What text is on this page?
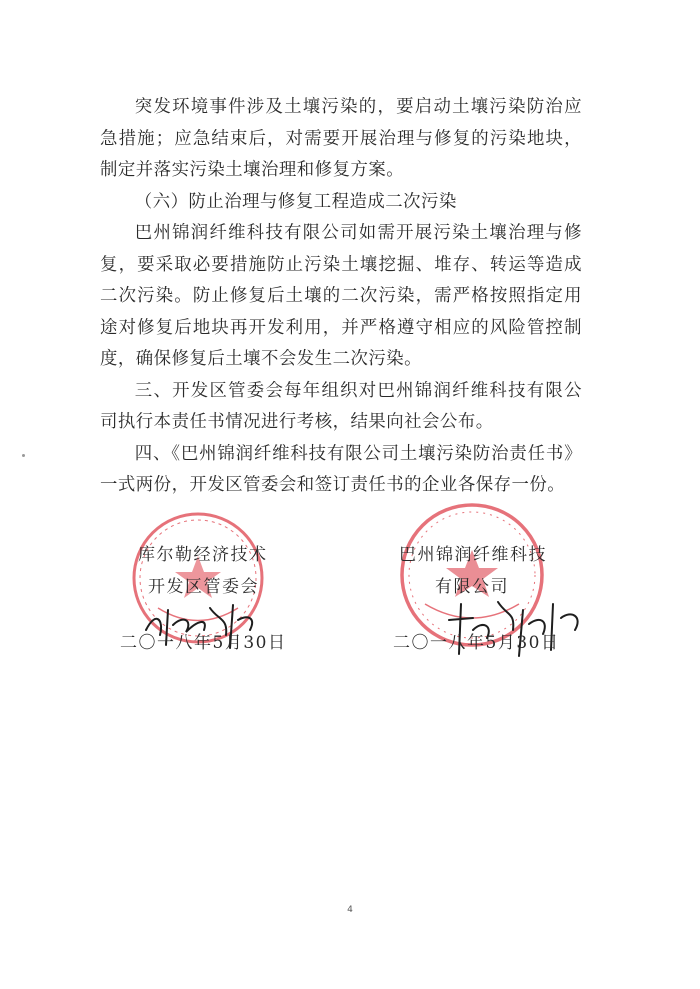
突发环境事件涉及土壤污染的，要启动土壤污染防治应急措施；应急结束后，对需要开展治理与修复的污染地块，制定并落实污染土壤治理和修复方案。

（六）防止治理与修复工程造成二次污染

巴州锦润纤维科技有限公司如需开展污染土壤治理与修复，要采取必要措施防止污染土壤挖掘、堆存、转运等造成二次污染。防止修复后土壤的二次污染，需严格按照指定用途对修复后地块再开发利用，并严格遵守相应的风险管控制度，确保修复后土壤不会发生二次污染。

三、开发区管委会每年组织对巴州锦润纤维科技有限公司执行本责任书情况进行考核，结果向社会公布。

四、《巴州锦润纤维科技有限公司土壤污染防治责任书》一式两份，开发区管委会和签订责任书的企业各保存一份。

库尔勒经济技术
开发区管委会
二〇一八年5月30日
巴州锦润纤维科技
有限公司
二〇一八年5月30日
4
